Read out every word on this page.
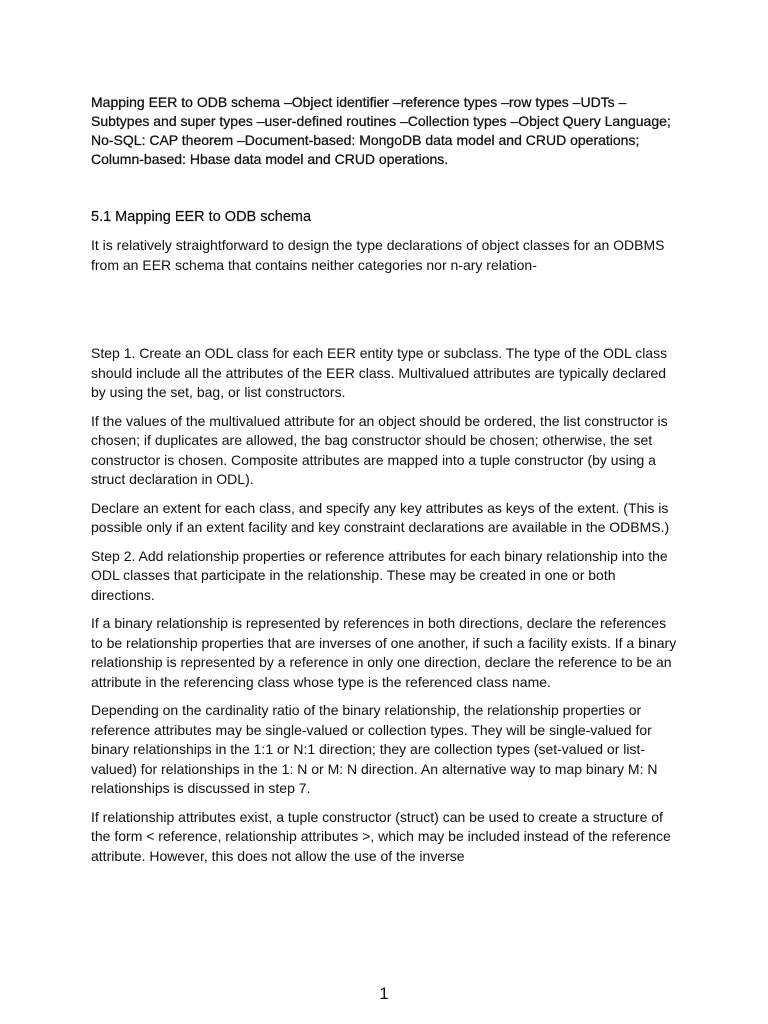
Mapping EER to ODB schema –Object identifier –reference types –row types –UDTs –Subtypes and super types –user-defined routines –Collection types –Object Query Language; No-SQL: CAP theorem –Document-based: MongoDB data model and CRUD operations; Column-based: Hbase data model and CRUD operations.

5.1 Mapping EER to ODB schema

It is relatively straightforward to design the type declarations of object classes for an ODBMS from an EER schema that contains neither categories nor n-ary relation-

Step 1. Create an ODL class for each EER entity type or subclass. The type of the ODL class should include all the attributes of the EER class. Multivalued attributes are typically declared by using the set, bag, or list constructors.

If the values of the multivalued attribute for an object should be ordered, the list constructor is chosen; if duplicates are allowed, the bag constructor should be chosen; otherwise, the set constructor is chosen. Composite attributes are mapped into a tuple constructor (by using a struct declaration in ODL).

Declare an extent for each class, and specify any key attributes as keys of the extent. (This is possible only if an extent facility and key constraint declarations are available in the ODBMS.)

Step 2. Add relationship properties or reference attributes for each binary relationship into the ODL classes that participate in the relationship. These may be created in one or both directions.

If a binary relationship is represented by references in both directions, declare the references to be relationship properties that are inverses of one another, if such a facility exists. If a binary relationship is represented by a reference in only one direction, declare the reference to be an attribute in the referencing class whose type is the referenced class name.

Depending on the cardinality ratio of the binary relationship, the relationship properties or reference attributes may be single-valued or collection types. They will be single-valued for binary relationships in the 1:1 or N:1 direction; they are collection types (set-valued or list-valued) for relationships in the 1: N or M: N direction. An alternative way to map binary M: N relationships is discussed in step 7.

If relationship attributes exist, a tuple constructor (struct) can be used to create a structure of the form < reference, relationship attributes >, which may be included instead of the reference attribute. However, this does not allow the use of the inverse

1
